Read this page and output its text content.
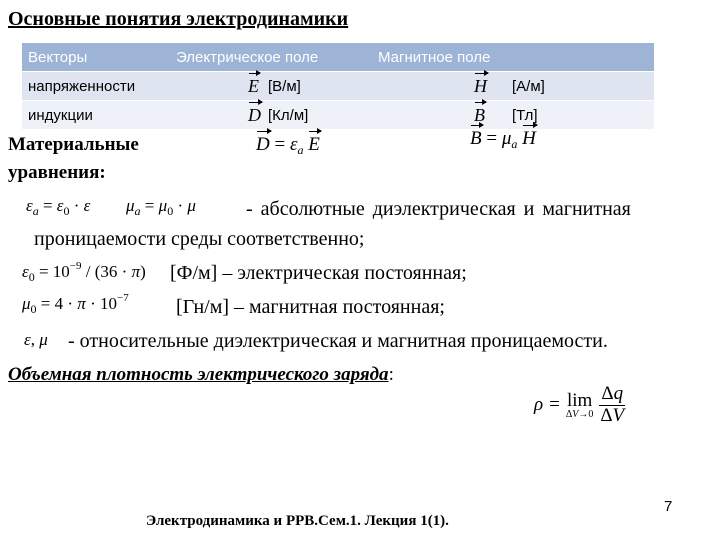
Основные понятия электродинамики
Векторы	Электрическое поле	Магнитное поле
напряженности	E [В/м]	H [А/м]
индукции	D [Кл/м]	B [Тл]
Материальные
уравнения:
$D = \varepsilon_a$ E	$B = \mu_a$ H
$\varepsilon_a = \varepsilon_0 \cdot \varepsilon$ $\mu_a = \mu_0 \cdot \mu$	- абсолютные диэлектрическая и магнитная
проницаемости среды соответственно;
$\varepsilon_0 = 10^{-9} / (36 \cdot \pi)$ [Ф/м] – электрическая постоянная;
$\mu_0 = 4 \cdot \pi \cdot 10^{-7}$ [Гн/м] – магнитная постоянная;
ε, μ - относительные диэлектрическая и магнитная проницаемости.
Объемная плотность электрического заряда:
ρ = lim
$\Delta V\to 0 \frac{\Delta q}{\Delta V}$
Электродинамика и РРВ.Сем.1. Лекция 1(1).
7
